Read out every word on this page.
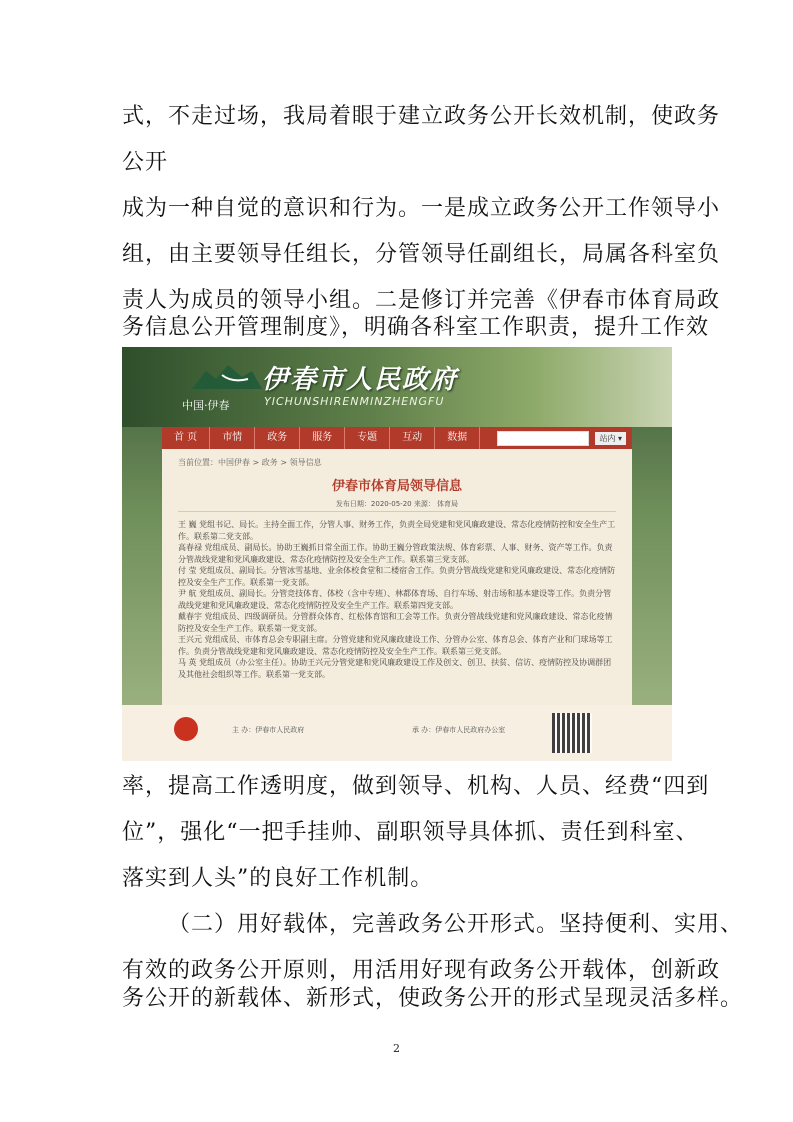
式，不走过场，我局着眼于建立政务公开长效机制，使政务
公开
成为一种自觉的意识和行为。一是成立政务公开工作领导小
组，由主要领导任组长，分管领导任副组长，局属各科室负
责人为成员的领导小组。二是修订并完善《伊春市体育局政
务信息公开管理制度》，明确各科室工作职责，提升工作效
伊春市人民政府
YICHUNSHIRENMINZHENGFU
中国·伊春
首 页	市情	政务	服务	专题	互动	数据	站内 ▾
当前位置：中国伊春 > 政务 > 领导信息
伊春市体育局领导信息
发布日期：2020-05-20 来源： 体育局

王 巍 党组书记、局长。主持全面工作，分管人事、财务工作，负责全局党建和党风廉政建设、常态化疫情防控和安全生产工作。联系第二党支部。

高春禄 党组成员、副局长。协助王巍抓日常全面工作。协助王巍分管政策法规、体育彩票、人事、财务、资产等工作。负责分管战线党建和党风廉政建设、常态化疫情防控及安全生产工作。联系第三党支部。

付 莹 党组成员、副局长。分管冰雪基地、业余体校食堂和二楼宿舍工作。负责分管战线党建和党风廉政建设、常态化疫情防控及安全生产工作。联系第一党支部。

尹 航 党组成员、副局长。分管竞技体育、体校（含中专班）、林都体育场、自行车场、射击场和基本建设等工作。负责分管战线党建和党风廉政建设、常态化疫情防控及安全生产工作。联系第四党支部。

戴春宇 党组成员、四级调研员。分管群众体育、红松体育馆和工会等工作。负责分管战线党建和党风廉政建设、常态化疫情防控及安全生产工作。联系第一党支部。

王兴元 党组成员、市体育总会专职副主席。分管党建和党风廉政建设工作、分管办公室、体育总会、体育产业和门球场等工作。负责分管战线党建和党风廉政建设、常态化疫情防控及安全生产工作。联系第三党支部。

马 英 党组成员（办公室主任）。协助王兴元分管党建和党风廉政建设工作及创文、创卫、扶贫、信访、疫情防控及协调群团及其他社会组织等工作。联系第一党支部。

主 办：伊春市人民政府	承 办：伊春市人民政府办公室
率，提高工作透明度，做到领导、机构、人员、经费“四到
位”，强化“一把手挂帅、副职领导具体抓、责任到科室、
落实到人头”的良好工作机制。
（二）用好载体，完善政务公开形式。坚持便利、实用、
有效的政务公开原则，用活用好现有政务公开载体，创新政
务公开的新载体、新形式，使政务公开的形式呈现灵活多样。
2
